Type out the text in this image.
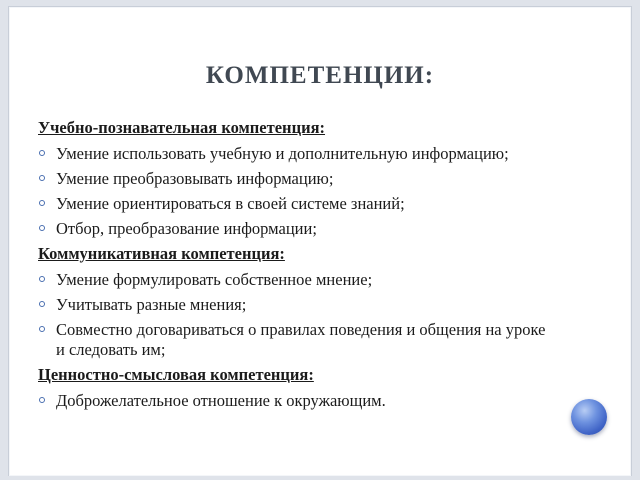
КОМПЕТЕНЦИИ:
Учебно-познавательная компетенция:
Умение использовать учебную и дополнительную информацию;
Умение преобразовывать информацию;
Умение ориентироваться в своей системе знаний;
Отбор, преобразование информации;
Коммуникативная компетенция:
Умение формулировать собственное мнение;
Учитывать разные мнения;
Совместно договариваться о правилах поведения и общения на уроке и следовать им;
Ценностно-смысловая компетенция:
Доброжелательное отношение к окружающим.
